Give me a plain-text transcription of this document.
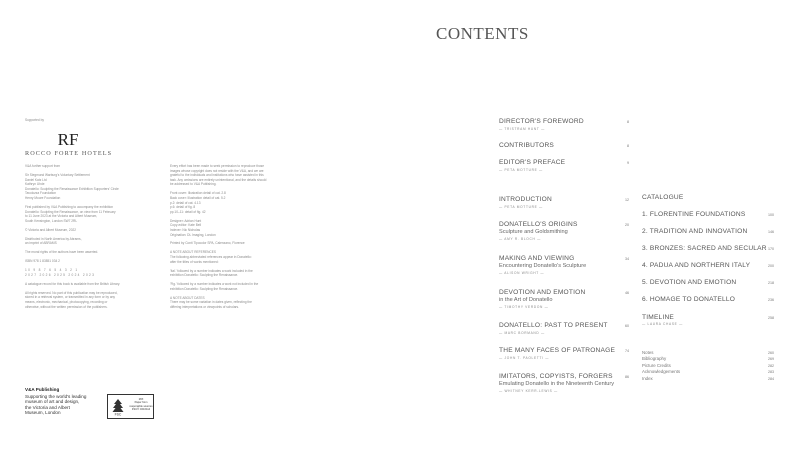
Supported by
RF
ROCCO FORTE HOTELS

V&A further support from

Sir Siegmund Warburg's Voluntary Settlement
Daniel Katz Ltd
Kathryn Uhde
Donatello: Sculpting the Renaissance Exhibition Supporters' Circle
Tavolozza Foundation
Henry Moore Foundation

First published by V&A Publishing to accompany the exhibition
Donatello: Sculpting the Renaissance, on view from 11 February
to 11 June 2023 at the Victoria and Albert Museum,
South Kensington, London SW7 2RL

© Victoria and Albert Museum, 2022

Distributed in North America by Abrams,
an imprint of ABRAMS

The moral rights of the authors have been asserted.

ISBN 978 1 83851 034 2

10 9 8 7 6 5 4 3 2 1
2027 2026 2025 2024 2023

A catalogue record for this book is available from the British Library.

All rights reserved. No part of this publication may be reproduced,
stored in a retrieval system, or transmitted in any form or by any
means, electronic, mechanical, photocopying, recording or
otherwise, without the written permission of the publishers.

Every effort has been made to seek permission to reproduce those
images whose copyright does not reside with the V&A, and we are
grateful to the individuals and institutions who have assisted in this
task. Any omissions are entirely unintentional, and the details should
be addressed to V&A Publishing.

Front cover: Illustration detail of cat. 2.8
Back cover: Illustration detail of cat. 5.2
p.2: detail of cat. 4.13
p.6: detail of fig. 8
pp.10–11: detail of fig. 42

Designer: Adrian Hunt
Copy-editor: Kate Bell
Indexer: Nic Nicholas
Origination: DL Imaging, London

Printed by Conti Tipocolor SPA, Calenzano, Florence

A NOTE ABOUT REFERENCES
The following abbreviated references appear in Donatello:
after the titles of works mentioned:

'Ital.' followed by a number indicates a work included in the
exhibition Donatello: Sculpting the Renaissance.

'Fig.' followed by a number indicates a work not included in the
exhibition Donatello: Sculpting the Renaissance.

A NOTE ABOUT DATES
There may be some variation in dates given, reflecting the
differing interpretations or viewpoints of scholars.

V&A Publishing
Supporting the world's leading
museum of art and design,
the Victoria and Albert
Museum, London	FSC
MIX
Paper from
responsible sources
FSC® C016114
CONTENTS
DIRECTOR'S FOREWORD
— TRISTRAM HUNT —
8
CONTRIBUTORS	8
EDITOR'S PREFACE
— PETA MOTTURE —
9
INTRODUCTION
— PETA MOTTURE —
12
DONATELLO'S ORIGINS
Sculpture and Goldsmithing
— AMY R. BLOCH —
20
MAKING AND VIEWING
Encountering Donatello's Sculpture
— ALISON WRIGHT —
34
DEVOTION AND EMOTION
in the Art of Donatello
— TIMOTHY VERDON —
46
DONATELLO: PAST TO PRESENT
— MARC BORMAND —
60
THE MANY FACES OF PATRONAGE
— JOHN T. PAOLETTI —
74
IMITATORS, COPYISTS, FORGERS
Emulating Donatello in the Nineteenth Century
— WHITNEY KERR-LEWIS —
86
CATALOGUE
1. FLORENTINE FOUNDATIONS	100
2. TRADITION AND INNOVATION	146
3. BRONZES: SACRED AND SECULAR 170
4. PADUA AND NORTHERN ITALY	200
5. DEVOTION AND EMOTION	218
6. HOMAGE TO DONATELLO	236
TIMELINE
— LAURA CHASE —
258
Notes	260
Bibliography	269
Picture Credits	282
Acknowledgements	283
Index	284
